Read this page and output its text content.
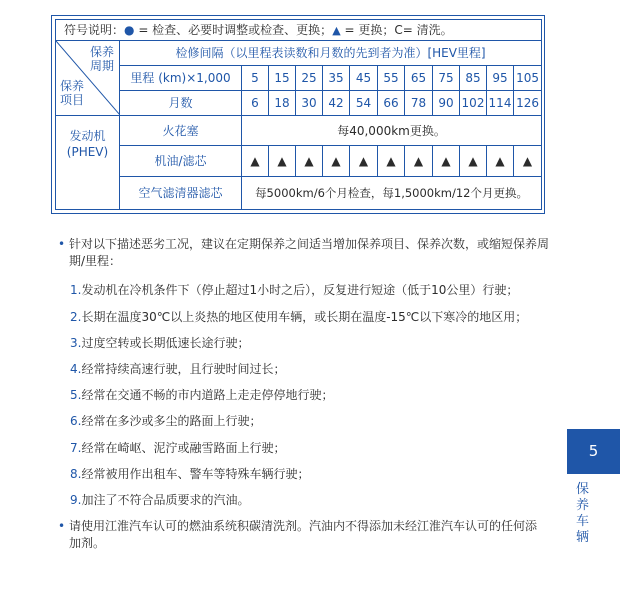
符号说明：● = 检查、必要时调整或检查、更换；▲ = 更换；C= 清洗。												

保养
周期
保养
项目	检修间隔（以里程表读数和月数的先到者为准）[HEV里程]											
	里程 (km)×1,000	5	15	25	35	45	55	65	75	85	95	105
	月数	6	18	30	42	54	66	78	90	102	114	126
发动机
(PHEV)	火花塞	每40,000km更换。										
	机油/滤芯	▲	▲	▲	▲	▲	▲	▲	▲	▲	▲	▲
	空气滤清器滤芯	每5000km/6个月检查，每1,5000km/12个月更换。										
• 针对以下描述恶劣工况，建议在定期保养之间适当增加保养项目、保养次数，或缩短保养周期/里程：
1.发动机在冷机条件下（停止超过1小时之后），反复进行短途（低于10公里）行驶；
2.长期在温度30℃以上炎热的地区使用车辆，或长期在温度-15℃以下寒冷的地区用；
3.过度空转或长期低速长途行驶；
4.经常持续高速行驶，且行驶时间过长；
5.经常在交通不畅的市内道路上走走停停地行驶；
6.经常在多沙或多尘的路面上行驶；
7.经常在崎岖、泥泞或融雪路面上行驶；
8.经常被用作出租车、警车等特殊车辆行驶；
9.加注了不符合品质要求的汽油。
• 请使用江淮汽车认可的燃油系统积碳清洗剂。汽油内不得添加未经江淮汽车认可的任何添加剂。
5
保
养
车
辆
